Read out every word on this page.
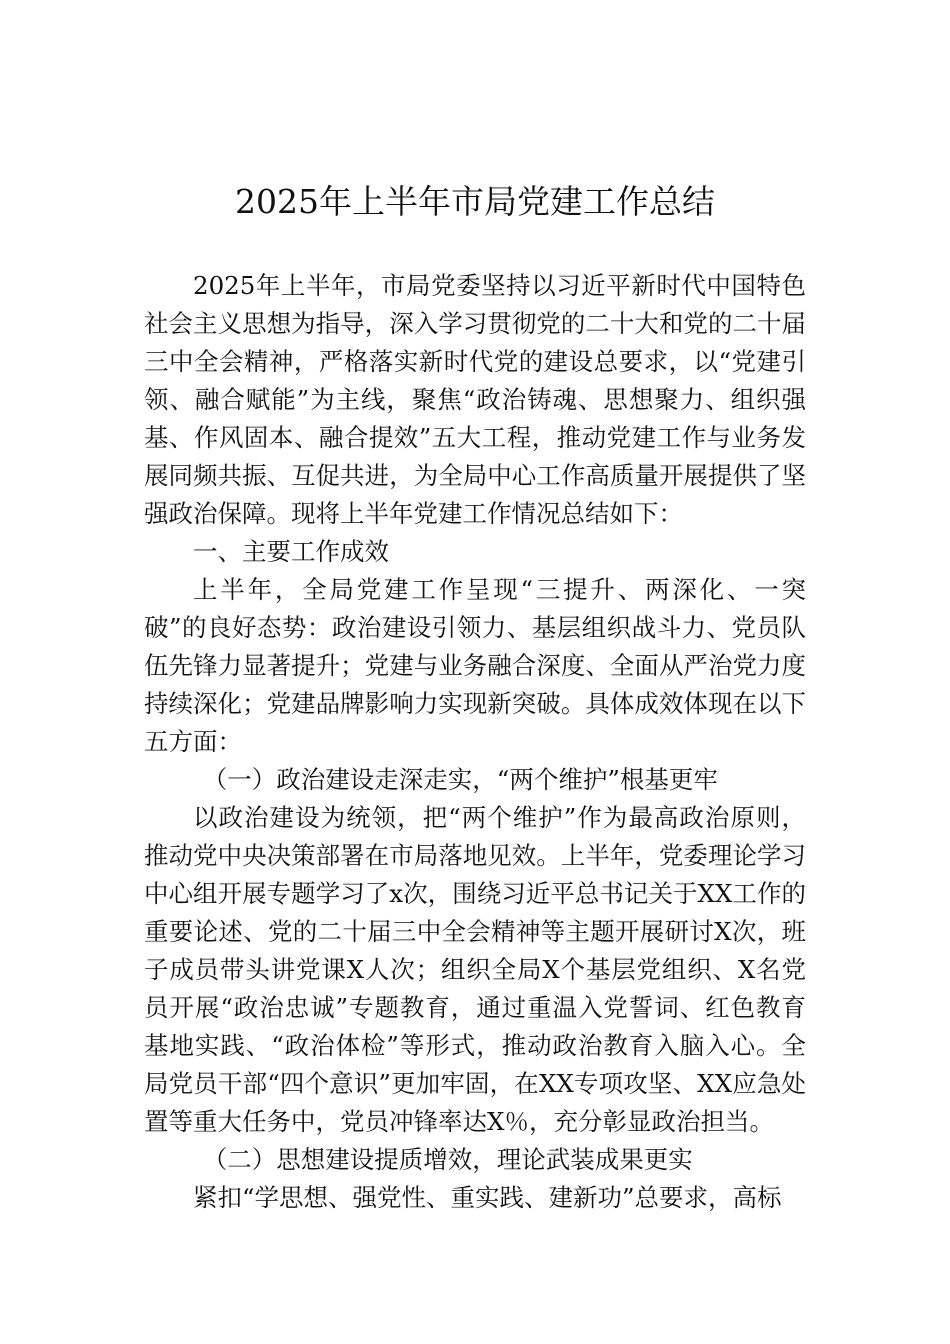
2025年上半年市局党建工作总结

2025年上半年，市局党委坚持以习近平新时代中国特色社会主义思想为指导，深入学习贯彻党的二十大和党的二十届三中全会精神，严格落实新时代党的建设总要求，以“党建引领、融合赋能”为主线，聚焦“政治铸魂、思想聚力、组织强基、作风固本、融合提效”五大工程，推动党建工作与业务发展同频共振、互促共进，为全局中心工作高质量开展提供了坚强政治保障。现将上半年党建工作情况总结如下：

一、主要工作成效

上半年，全局党建工作呈现“三提升、两深化、一突破”的良好态势：政治建设引领力、基层组织战斗力、党员队伍先锋力显著提升；党建与业务融合深度、全面从严治党力度持续深化；党建品牌影响力实现新突破。具体成效体现在以下五方面：

（一）政治建设走深走实，“两个维护”根基更牢

以政治建设为统领，把“两个维护”作为最高政治原则，推动党中央决策部署在市局落地见效。上半年，党委理论学习中心组开展专题学习了x次，围绕习近平总书记关于XX工作的重要论述、党的二十届三中全会精神等主题开展研讨X次，班子成员带头讲党课X人次；组织全局X个基层党组织、X名党员开展“政治忠诚”专题教育，通过重温入党誓词、红色教育基地实践、“政治体检”等形式，推动政治教育入脑入心。全局党员干部“四个意识”更加牢固，在XX专项攻坚、XX应急处置等重大任务中，党员冲锋率达X％，充分彰显政治担当。

（二）思想建设提质增效，理论武装成果更实

紧扣“学思想、强党性、重实践、建新功”总要求，高标
